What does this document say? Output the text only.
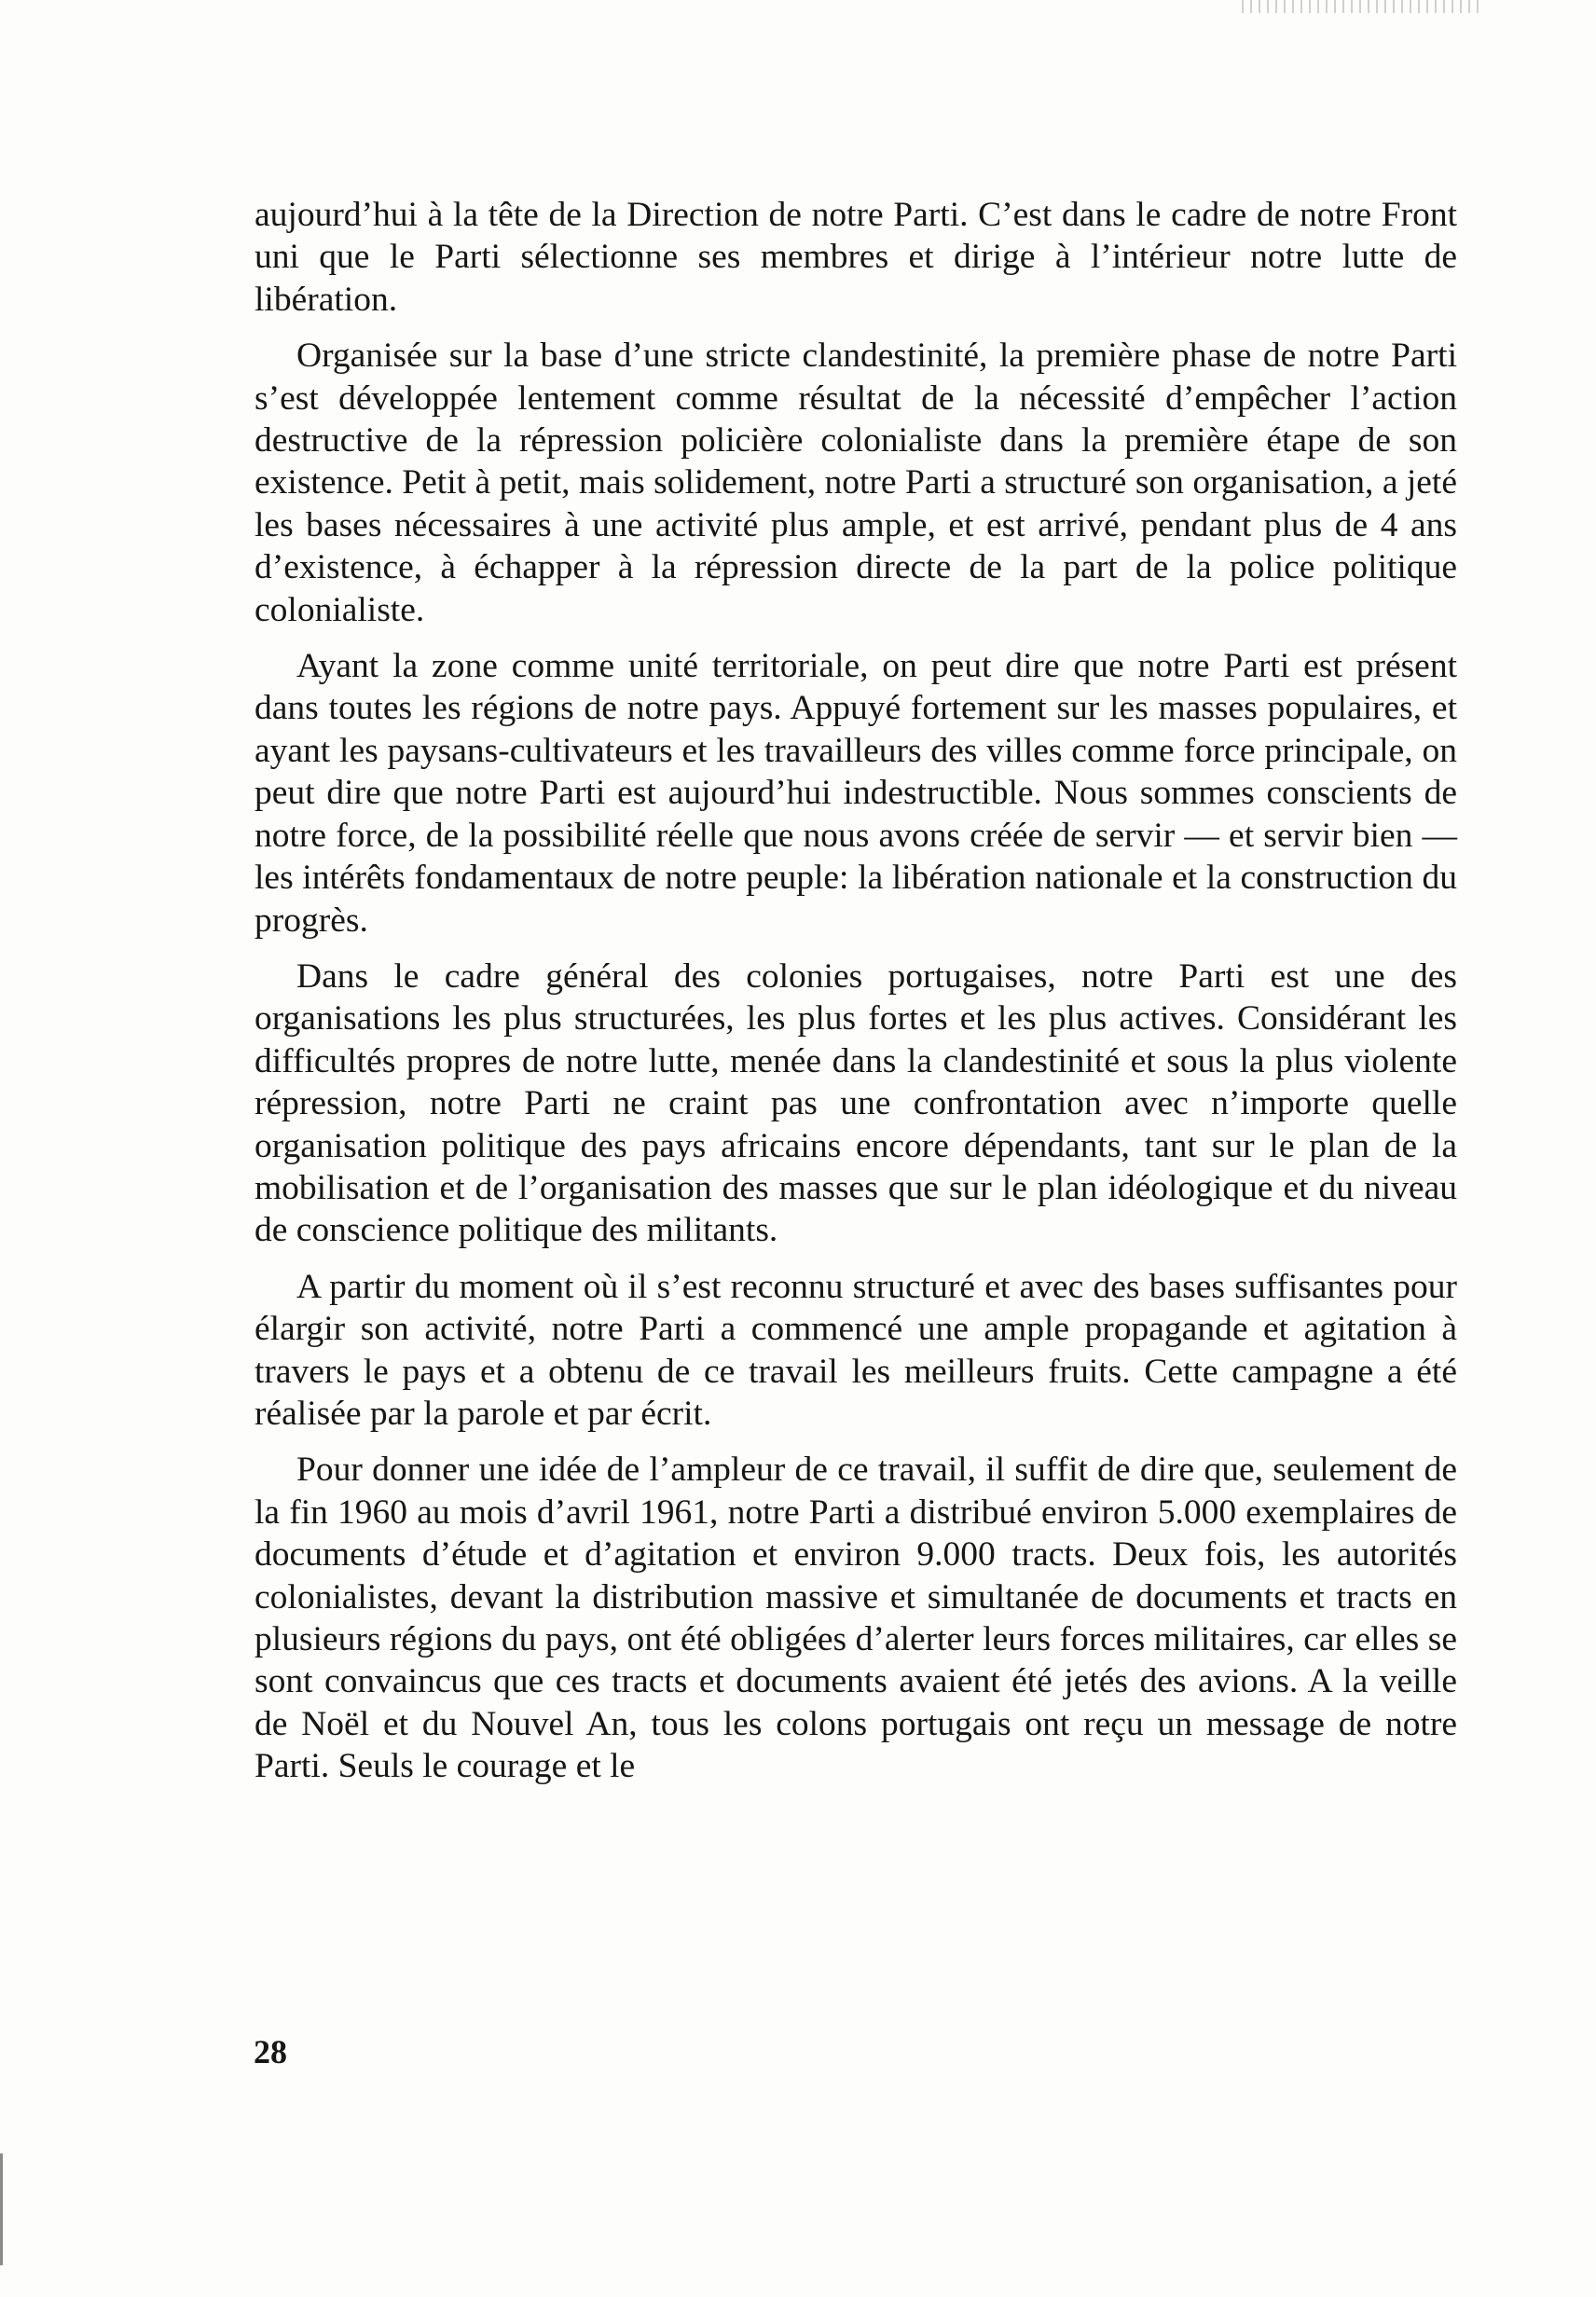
aujourd’hui à la tête de la Direction de notre Parti. C’est dans le cadre de notre Front uni que le Parti sélectionne ses membres et dirige à l’intérieur notre lutte de libération.

Organisée sur la base d’une stricte clandestinité, la première phase de notre Parti s’est développée lentement comme résultat de la nécessité d’empêcher l’action destructive de la répression policière colonialiste dans la première étape de son existence. Petit à petit, mais solidement, notre Parti a structuré son organisation, a jeté les bases nécessaires à une activité plus ample, et est arrivé, pendant plus de 4 ans d’existence, à échapper à la répression directe de la part de la police politique colonialiste.

Ayant la zone comme unité territoriale, on peut dire que notre Parti est présent dans toutes les régions de notre pays. Appuyé fortement sur les masses populaires, et ayant les paysans-cultivateurs et les travailleurs des villes comme force principale, on peut dire que notre Parti est aujourd’hui indestructible. Nous sommes conscients de notre force, de la possibilité réelle que nous avons créée de servir — et servir bien — les intérêts fondamentaux de notre peuple: la libération nationale et la construction du progrès.

Dans le cadre général des colonies portugaises, notre Parti est une des organisations les plus structurées, les plus fortes et les plus actives. Considérant les difficultés propres de notre lutte, menée dans la clandestinité et sous la plus violente répression, notre Parti ne craint pas une confrontation avec n’importe quelle organisation politique des pays africains encore dépendants, tant sur le plan de la mobilisation et de l’organisation des masses que sur le plan idéologique et du niveau de conscience politique des militants.

A partir du moment où il s’est reconnu structuré et avec des bases suffisantes pour élargir son activité, notre Parti a commencé une ample propagande et agitation à travers le pays et a obtenu de ce travail les meilleurs fruits. Cette campagne a été réalisée par la parole et par écrit.

Pour donner une idée de l’ampleur de ce travail, il suffit de dire que, seulement de la fin 1960 au mois d’avril 1961, notre Parti a distribué environ 5.000 exemplaires de documents d’étude et d’agitation et environ 9.000 tracts. Deux fois, les autorités colonialistes, devant la distribution massive et simultanée de documents et tracts en plusieurs régions du pays, ont été obligées d’alerter leurs forces militaires, car elles se sont convaincus que ces tracts et documents avaient été jetés des avions. A la veille de Noël et du Nouvel An, tous les colons portugais ont reçu un message de notre Parti. Seuls le courage et le

28
